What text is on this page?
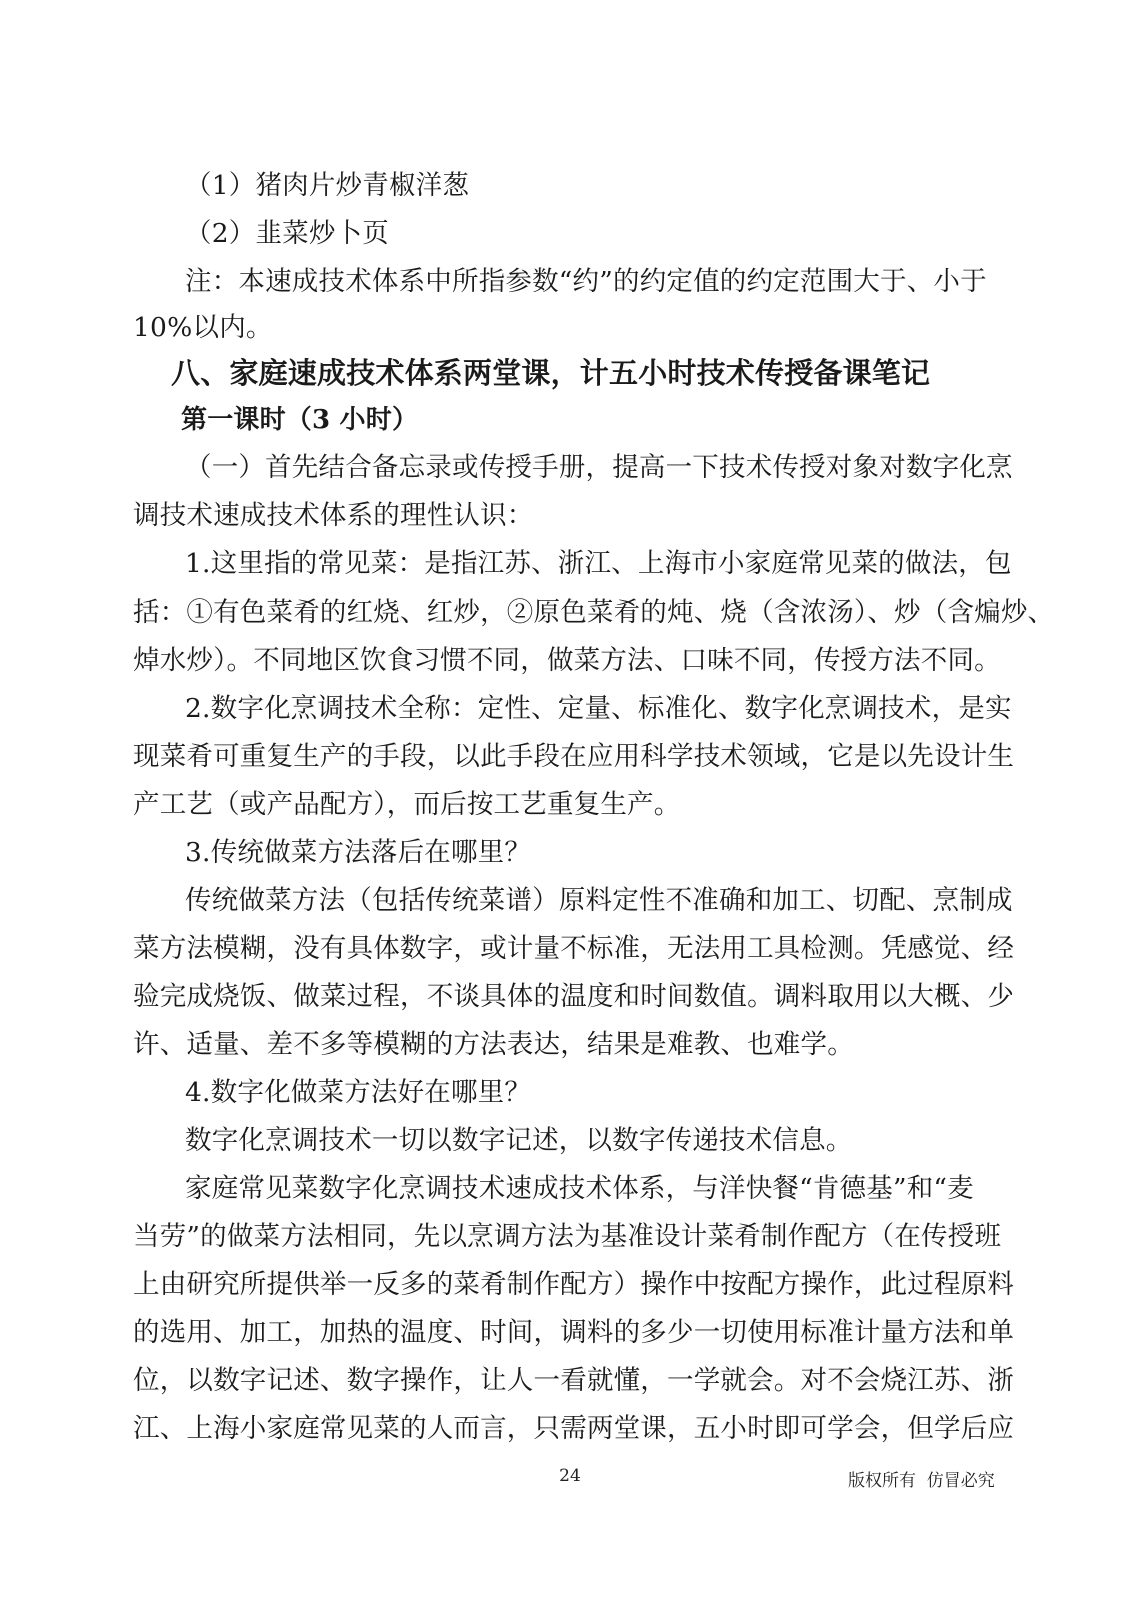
（1）猪肉片炒青椒洋葱
（2）韭菜炒卜页
注：本速成技术体系中所指参数“约”的约定值的约定范围大于、小于
10%以内。
八、家庭速成技术体系两堂课，计五小时技术传授备课笔记
第一课时（3 小时）
（一）首先结合备忘录或传授手册，提高一下技术传授对象对数字化烹
调技术速成技术体系的理性认识：
1.这里指的常见菜：是指江苏、浙江、上海市小家庭常见菜的做法，包
括：①有色菜肴的红烧、红炒，②原色菜肴的炖、烧（含浓汤）、炒（含煸炒、
焯水炒）。不同地区饮食习惯不同，做菜方法、口味不同，传授方法不同。
2.数字化烹调技术全称：定性、定量、标准化、数字化烹调技术，是实
现菜肴可重复生产的手段，以此手段在应用科学技术领域，它是以先设计生
产工艺（或产品配方），而后按工艺重复生产。
3.传统做菜方法落后在哪里？
传统做菜方法（包括传统菜谱）原料定性不准确和加工、切配、烹制成
菜方法模糊，没有具体数字，或计量不标准，无法用工具检测。凭感觉、经
验完成烧饭、做菜过程，不谈具体的温度和时间数值。调料取用以大概、少
许、适量、差不多等模糊的方法表达，结果是难教、也难学。
4.数字化做菜方法好在哪里？
数字化烹调技术一切以数字记述，以数字传递技术信息。
家庭常见菜数字化烹调技术速成技术体系，与洋快餐“肯德基”和“麦
当劳”的做菜方法相同，先以烹调方法为基准设计菜肴制作配方（在传授班
上由研究所提供举一反多的菜肴制作配方）操作中按配方操作，此过程原料
的选用、加工，加热的温度、时间，调料的多少一切使用标准计量方法和单
位，以数字记述、数字操作，让人一看就懂，一学就会。对不会烧江苏、浙
江、上海小家庭常见菜的人而言，只需两堂课，五小时即可学会，但学后应
24	版权所有  仿冒必究
